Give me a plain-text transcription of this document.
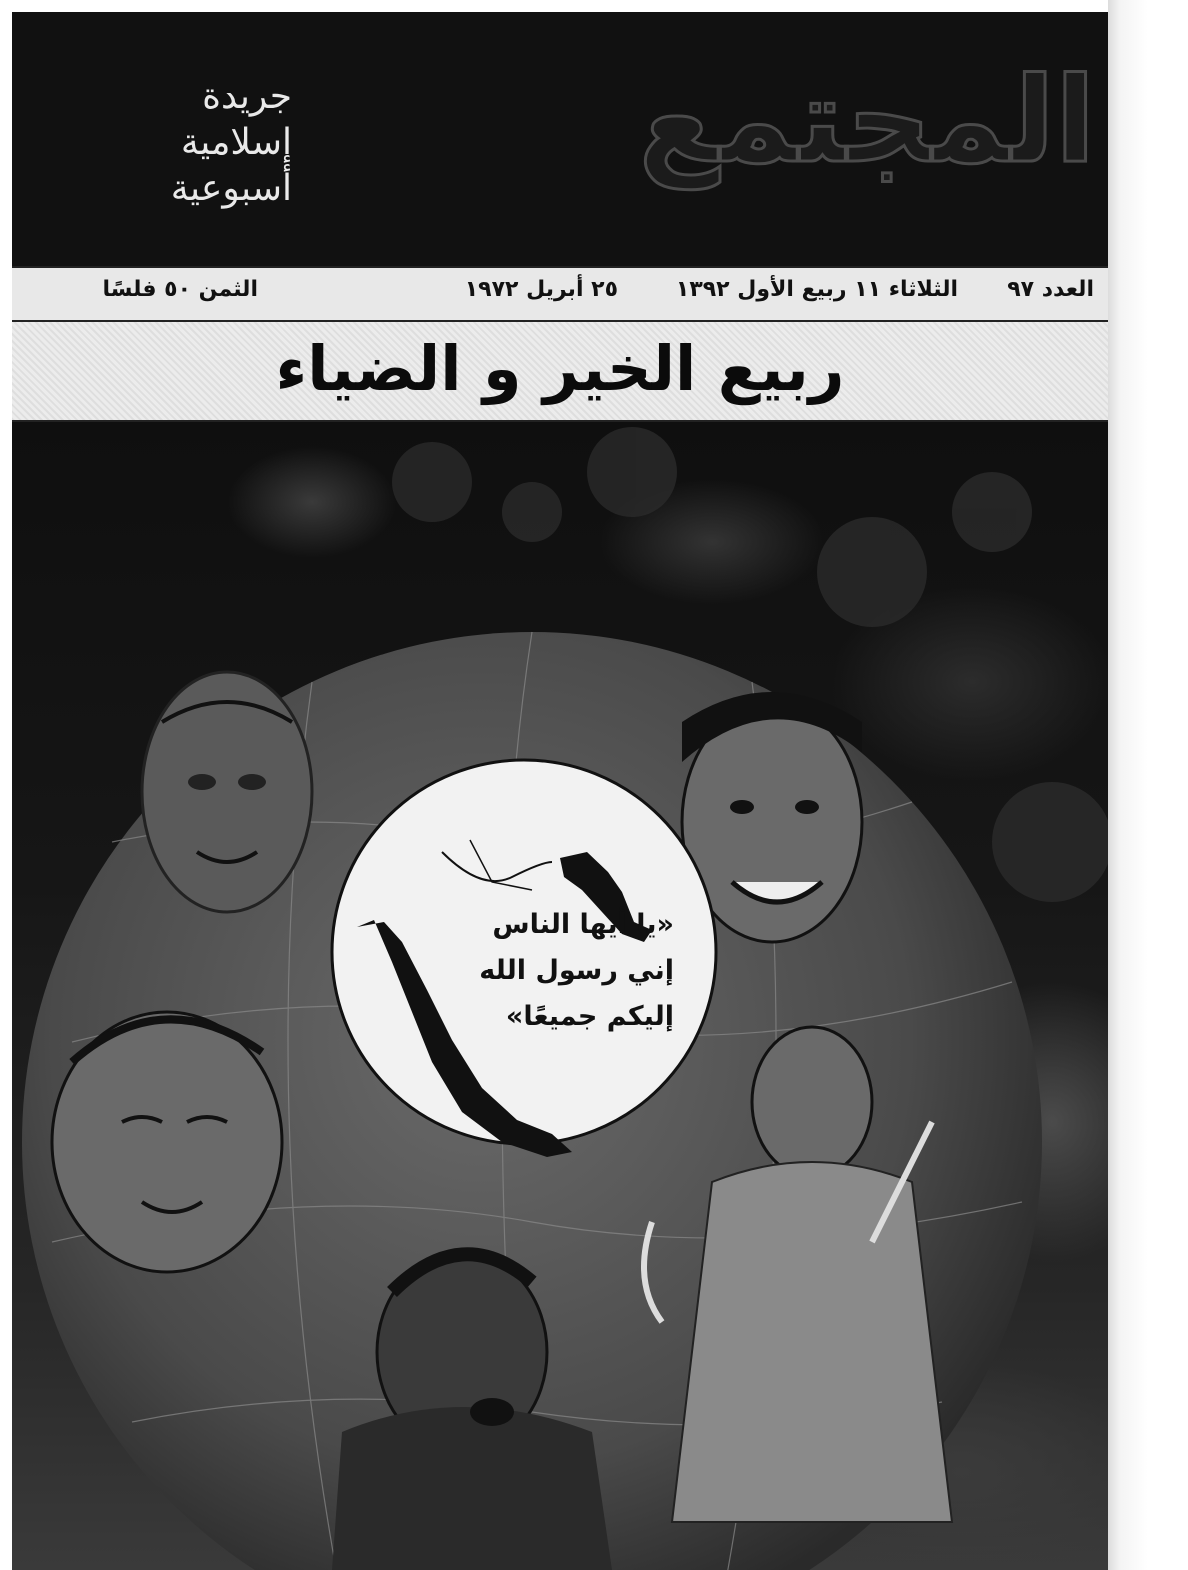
المجتمع
جريدة
إسلامية
أسبوعية
العدد ٩٧
الثلاثاء ١١ ربيع الأول ١٣٩٢
٢٥ أبريل ١٩٧٢
الثمن ٥٠ فلسًا
ربيع الخير و الضياء
«يا أيها الناس
إني رسول الله
إليكم جميعًا»
